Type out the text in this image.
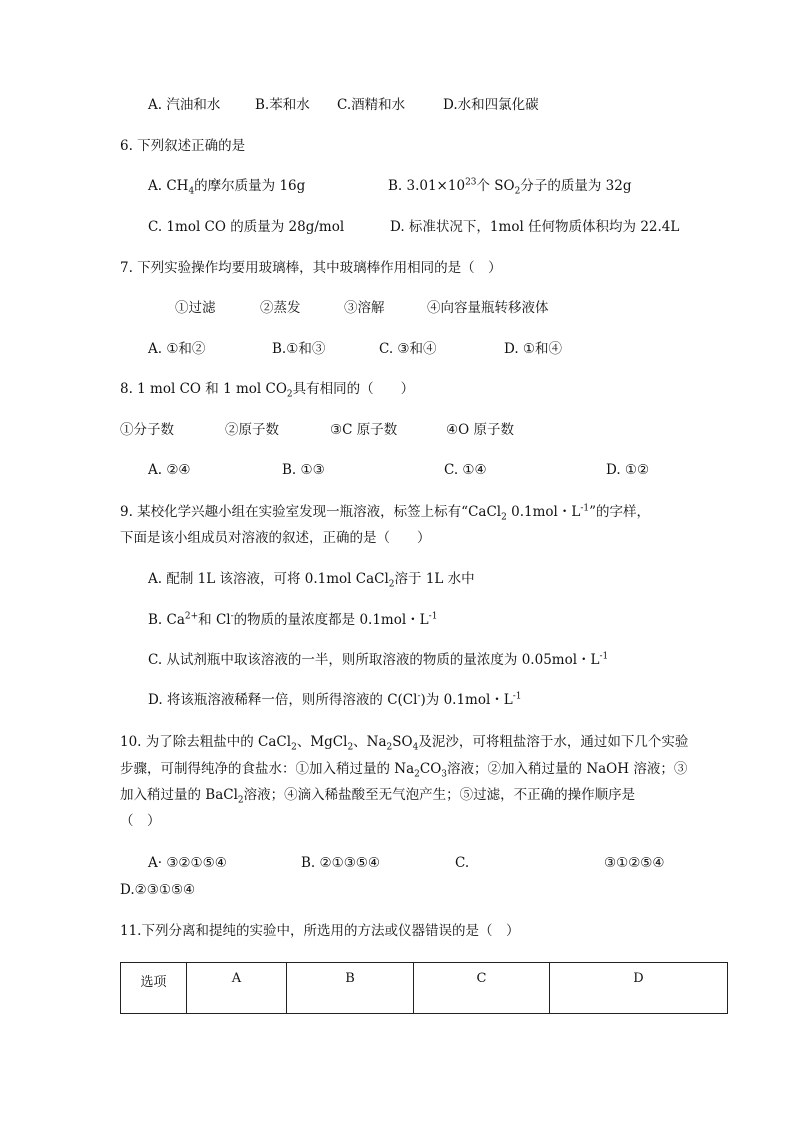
A. 汽油和水	B.苯和水 C.酒精和水	D.水和四氯化碳
6. 下列叙述正确的是
A. $CH_4$的摩尔质量为 16g	B. $3.01\times 10^{23}$个 $SO_2$分子的质量为 32g
C. 1mol CO 的质量为 28g/mol	D. 标准状况下，1mol 任何物质体积均为 22.4L
7. 下列实验操作均要用玻璃棒，其中玻璃棒作用相同的是（　）
①过滤	②蒸发	③溶解	④向容量瓶转移液体
A. ①和②	B.①和③	C. ③和④	D. ①和④
8. 1 mol CO 和 1 mol $CO_2$具有相同的（　　）
①分子数	②原子数	③C 原子数	④O 原子数
A. ②④	B. ①③	C. ①④	D. ①②
9. 某校化学兴趣小组在实验室发现一瓶溶液，标签上标有“CaCl$_2$ 0.1mol・$L^{-1}$”的字样，
下面是该小组成员对溶液的叙述，正确的是（　　）
A. 配制 1L 该溶液，可将 0.1mol CaCl$_2$溶于 1L 水中
B. $Ca^{2+}$和 Cl-的物质的量浓度都是 0.1mol・$L^{-1}$
C. 从试剂瓶中取该溶液的一半，则所取溶液的物质的量浓度为 0.05mol・$L^{-1}$
D. 将该瓶溶液稀释一倍，则所得溶液的 C(Cl-)为 0.1mol・$L^{-1}$
10. 为了除去粗盐中的 CaCl$_2$、MgCl$_2$、$Na_2SO_4$及泥沙，可将粗盐溶于水，通过如下几个实验
步骤，可制得纯净的食盐水：①加入稍过量的 $Na_2CO_3$溶液；②加入稍过量的 NaOH 溶液；③
加入稍过量的 BaCl$_2$溶液；④滴入稀盐酸至无气泡产生；⑤过滤，不正确的操作顺序是
（　）
A· ③②①⑤④	B. ②①③⑤④	C.	③①②⑤④
D.②③①⑤④
11.下列分离和提纯的实验中，所选用的方法或仪器错误的是（　）
选项	A	B	C	D
